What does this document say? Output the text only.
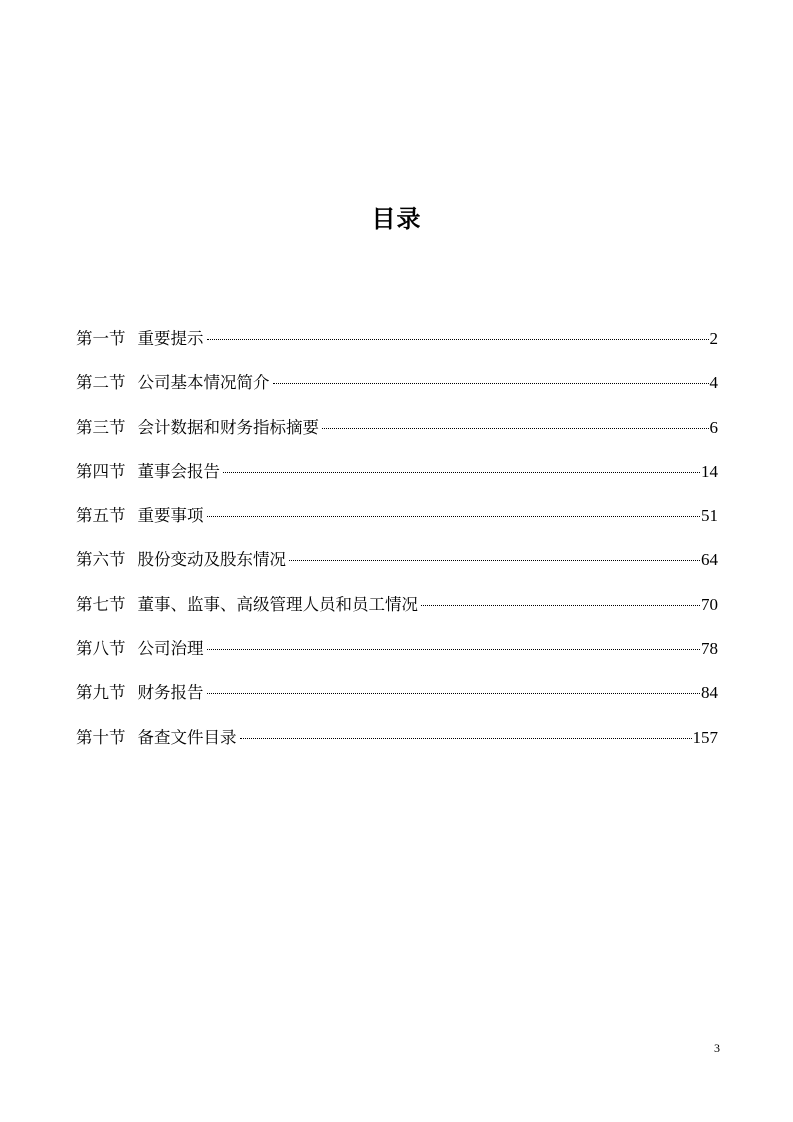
目录
第一节 重要提示	2
第二节 公司基本情况简介	4
第三节 会计数据和财务指标摘要	6
第四节 董事会报告	14
第五节 重要事项	51
第六节 股份变动及股东情况	64
第七节 董事、监事、高级管理人员和员工情况	70
第八节 公司治理	78
第九节 财务报告	84
第十节 备查文件目录	157
3
